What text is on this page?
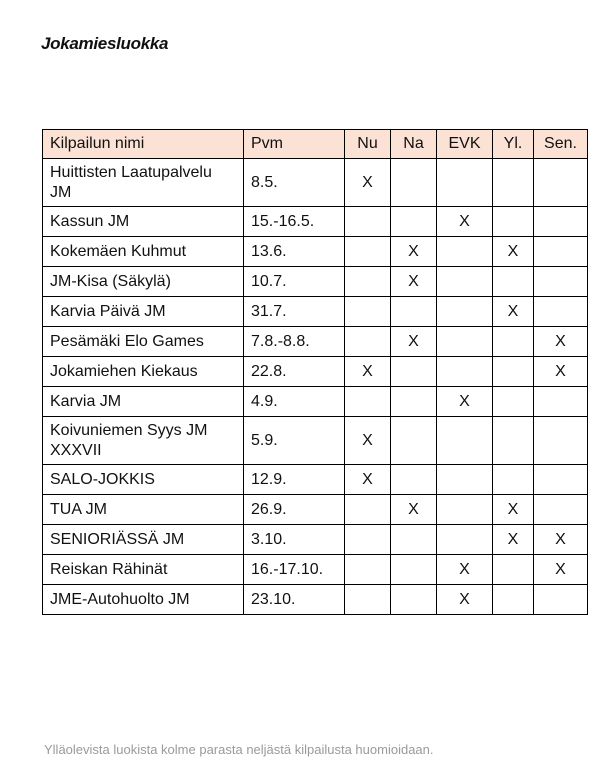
Jokamiesluokka
Kilpailun nimi	Pvm	Nu	Na	EVK	Yl.	Sen.
Huittisten Laatupalvelu JM	8.5.	X				
Kassun JM	15.-16.5.			X		
Kokemäen Kuhmut	13.6.		X		X	
JM-Kisa (Säkylä)	10.7.		X			
Karvia Päivä JM	31.7.				X	
Pesämäki Elo Games	7.8.-8.8.		X			X
Jokamiehen Kiekaus	22.8.	X				X
Karvia JM	4.9.			X		
Koivuniemen Syys JM XXXVII	5.9.	X				
SALO-JOKKIS	12.9.	X				
TUA JM	26.9.		X		X	
SENIORIÄSSÄ JM	3.10.				X	X
Reiskan Rähinät	16.-17.10.			X		X
JME-Autohuolto JM	23.10.			X		
Ylläolevista luokista kolme parasta neljästä kilpailusta huomioidaan.
